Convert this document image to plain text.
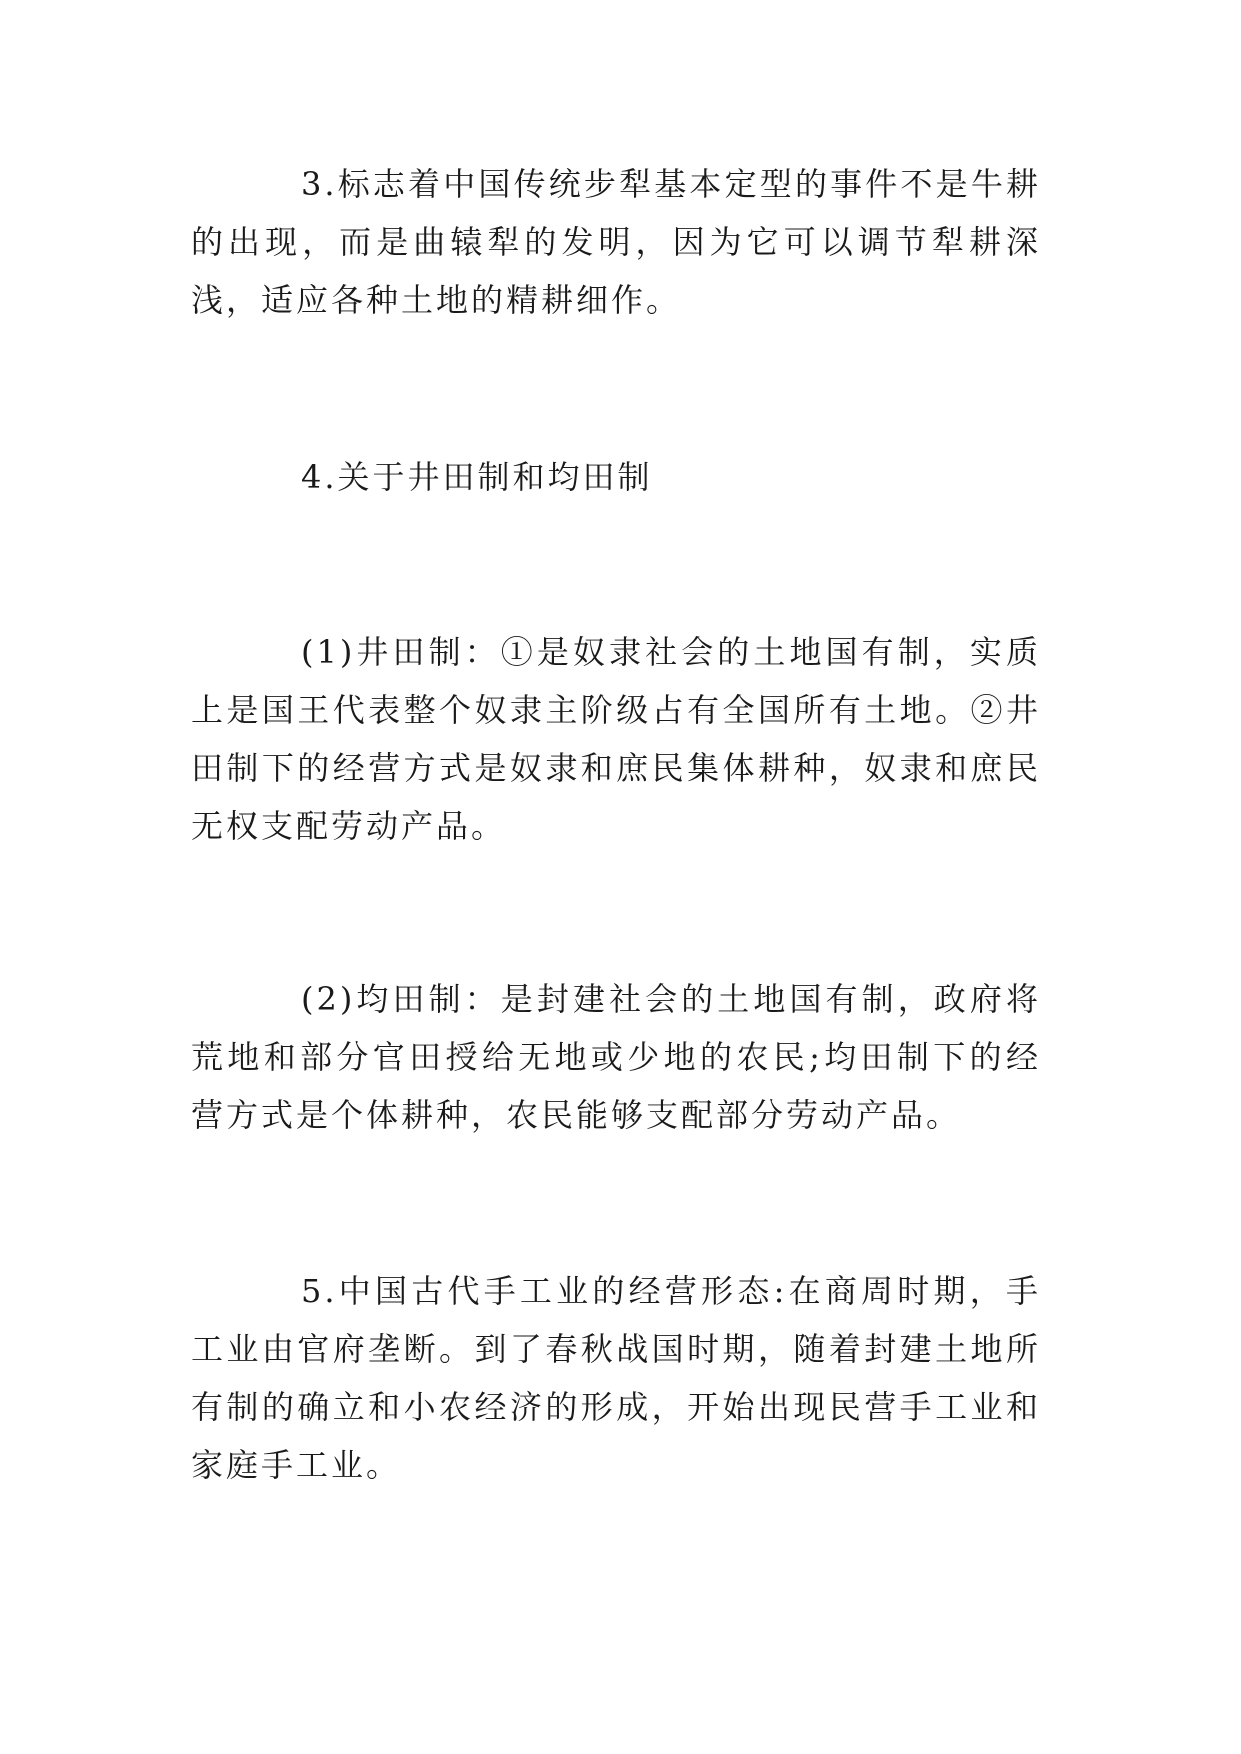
3.标志着中国传统步犁基本定型的事件不是牛耕的出现，而是曲辕犁的发明，因为它可以调节犁耕深浅，适应各种土地的精耕细作。

4.关于井田制和均田制

(1)井田制：①是奴隶社会的土地国有制，实质上是国王代表整个奴隶主阶级占有全国所有土地。②井田制下的经营方式是奴隶和庶民集体耕种，奴隶和庶民无权支配劳动产品。

(2)均田制：是封建社会的土地国有制，政府将荒地和部分官田授给无地或少地的农民;均田制下的经营方式是个体耕种，农民能够支配部分劳动产品。

5.中国古代手工业的经营形态:在商周时期，手工业由官府垄断。到了春秋战国时期，随着封建土地所有制的确立和小农经济的形成，开始出现民营手工业和家庭手工业。
